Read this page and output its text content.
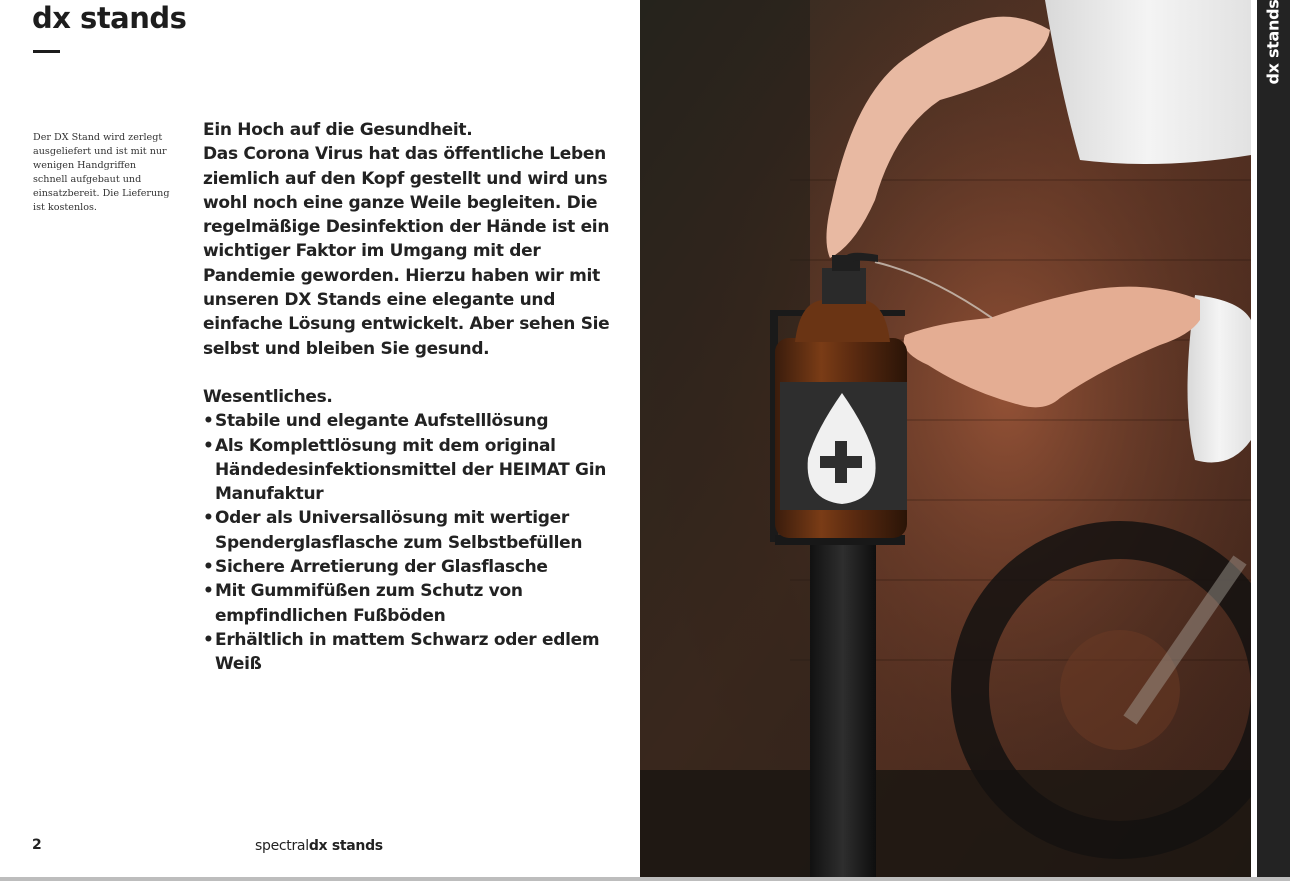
dx stands

Der DX Stand wird zerlegt ausgeliefert und ist mit nur wenigen Handgriffen schnell aufgebaut und einsatzbereit. Die Lieferung ist kostenlos.

Ein Hoch auf die Gesundheit.

Das Corona Virus hat das öffentliche Leben ziemlich auf den Kopf gestellt und wird uns wohl noch eine ganze Weile begleiten. Die regelmäßige Desinfektion der Hände ist ein wichtiger Faktor im Umgang mit der Pandemie geworden. Hierzu haben wir mit unseren DX Stands eine elegante und einfache Lösung entwickelt. Aber sehen Sie selbst und bleiben Sie gesund.

Wesentliches.

• Stabile und elegante Aufstelllösung
• Als Komplettlösung mit dem original Händedesinfektionsmittel der HEIMAT Gin Manufaktur
• Oder als Universallösung mit wertiger Spenderglasflasche zum Selbstbefüllen
• Sichere Arretierung der Glasflasche
• Mit Gummifüßen zum Schutz von empfindlichen Fußböden
• Erhältlich in mattem Schwarz oder edlem Weiß
2	spectraldx stands
dx stands
